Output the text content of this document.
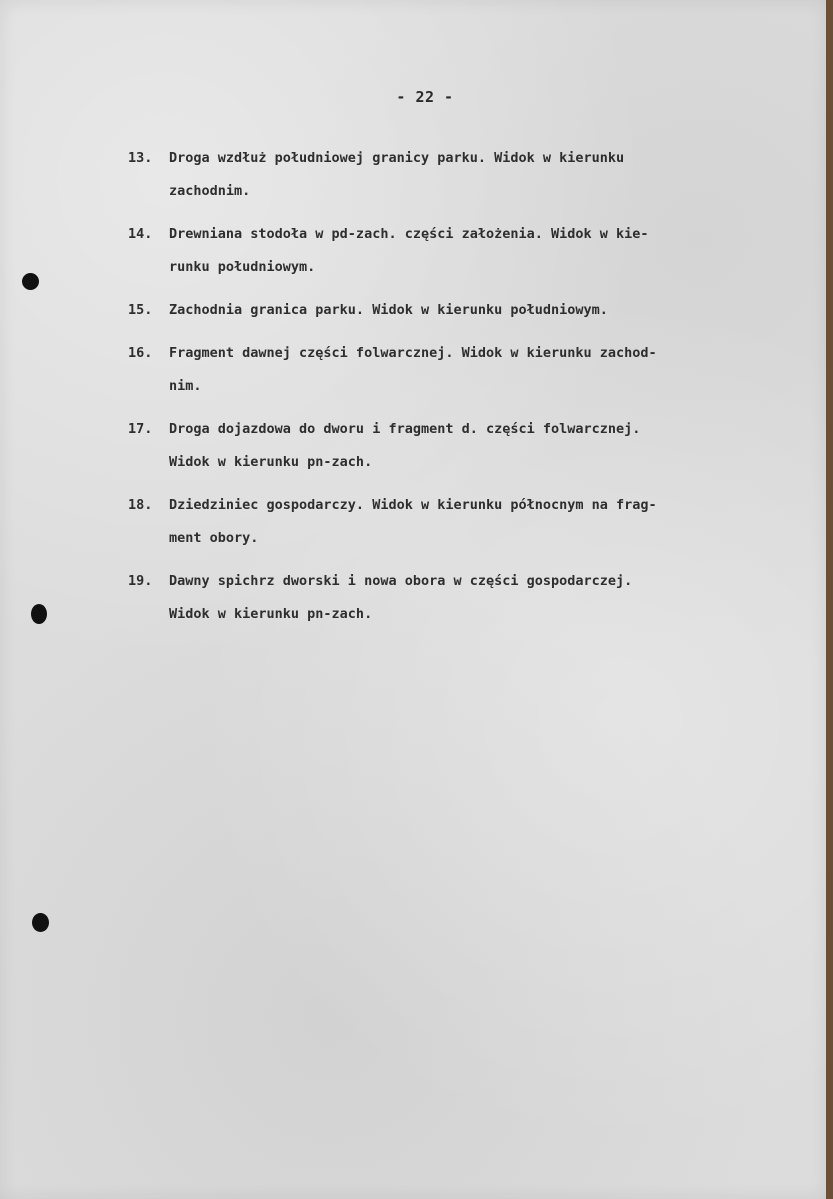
- 22 -
13. Droga wzdłuż południowej granicy parku. Widok w kierunku
zachodnim.
14. Drewniana stodoła w pd-zach. części założenia. Widok w kie-
runku południowym.
15. Zachodnia granica parku. Widok w kierunku południowym.
16. Fragment dawnej części folwarcznej. Widok w kierunku zachod-
nim.
17. Droga dojazdowa do dworu i fragment d. części folwarcznej.
Widok w kierunku pn-zach.
18. Dziedziniec gospodarczy. Widok w kierunku północnym na frag-
ment obory.
19. Dawny spichrz dworski i nowa obora w części gospodarczej.
Widok w kierunku pn-zach.
